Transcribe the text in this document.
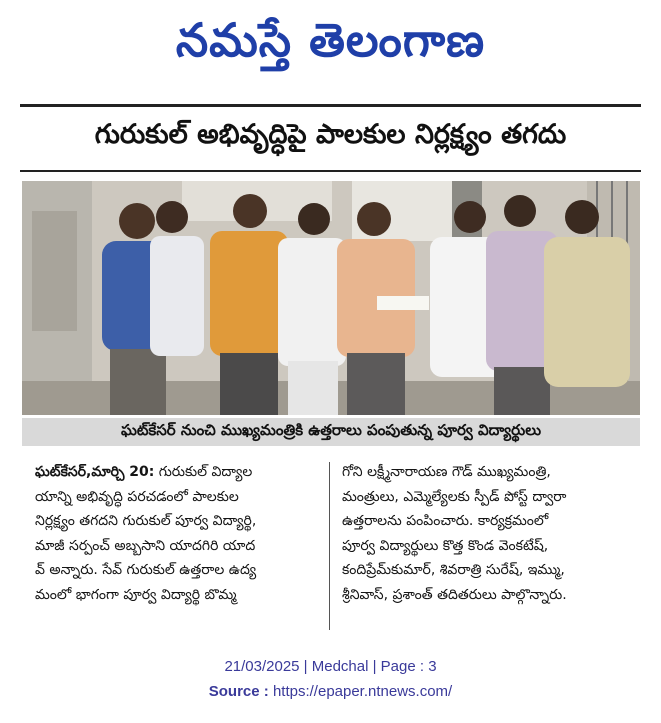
నమస్తే తెలంగాణ
గురుకుల్ అభివృద్ధిపై పాలకుల నిర్లక్ష్యం తగదు
ఘట్‌కేసర్ నుంచి ముఖ్యమంత్రికి ఉత్తరాలు పంపుతున్న పూర్వ విద్యార్థులు

ఘట్‌కేసర్,మార్చి 20: గురుకుల్ విద్యాల

యాన్ని అభివృద్ధి పరచడంలో పాలకుల

నిర్లక్ష్యం తగదని గురుకుల్ పూర్వ విద్యార్థి,

మాజీ సర్పంచ్ అబ్బసాని యాదగిరి యాద

వ్ అన్నారు. సేవ్ గురుకుల్ ఉత్తరాల ఉద్య

మంలో భాగంగా పూర్వ విద్యార్థి బొమ్మ

గోని లక్ష్మీనారాయణ గౌడ్ ముఖ్యమంత్రి,

మంత్రులు, ఎమ్మెల్యేలకు స్పీడ్ పోస్ట్ ద్వారా

ఉత్తరాలను పంపించారు. కార్యక్రమంలో

పూర్వ విద్యార్థులు కొత్త కొండ వెంకటేష్,

కందిప్రేమ్‌కుమార్, శివరాత్రి సురేష్, ఇమ్ము,

శ్రీనివాస్, ప్రశాంత్ తదితరులు పాల్గొన్నారు.

21/03/2025 | Medchal | Page : 3
Source : https://epaper.ntnews.com/
